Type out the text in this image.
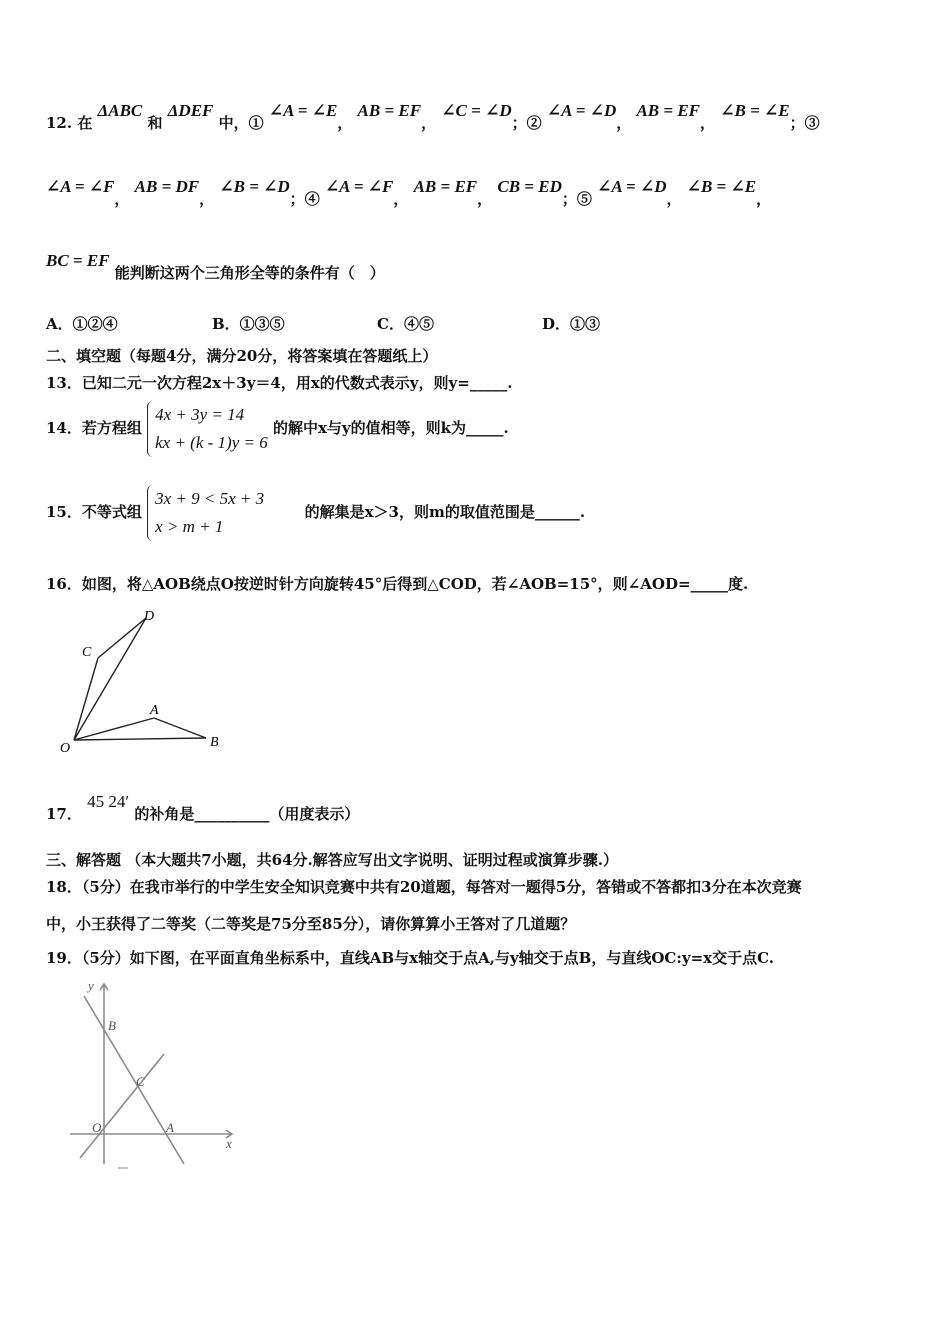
12. 在 ΔABC 和 ΔDEF 中，① ∠A = ∠E， AB = EF， ∠C = ∠D；② ∠A = ∠D， AB = EF， ∠B = ∠E；③
∠A = ∠F， AB = DF， ∠B = ∠D；④ ∠A = ∠F， AB = EF， CB = ED；⑤ ∠A = ∠D， ∠B = ∠E，
BC = EF 能判断这两个三角形全等的条件有（　）
A．①②④	B．①③⑤	C．④⑤	D．①③
二、填空题（每题4分，满分20分，将答案填在答题纸上）
13．已知二元一次方程2x＋3y＝4，用x的代数式表示y，则y=_____.
14．若方程组
4x + 3y = 14
kx + (k - 1)y = 6
的解中x与y的值相等，则k为_____.
15．不等式组
3x + 9 < 5x + 3
x > m + 1
的解集是x＞3，则m的取值范围是______.
16．如图，将△AOB绕点O按逆时针方向旋转45°后得到△COD，若∠AOB=15°，则∠AOD=_____度.
D
C
A
O	B
17． 45 24′ 的补角是__________（用度表示）
三、解答题 （本大题共7小题，共64分.解答应写出文字说明、证明过程或演算步骤.）
18．（5分）在我市举行的中学生安全知识竞赛中共有20道题，每答对一题得5分，答错或不答都扣3分在本次竞赛
中，小王获得了二等奖（二等奖是75分至85分），请你算算小王答对了几道题？
19．（5分）如下图，在平面直角坐标系中，直线AB与x轴交于点A,与y轴交于点B，与直线OC:y=x交于点C.
y
x
B
C
O	A
